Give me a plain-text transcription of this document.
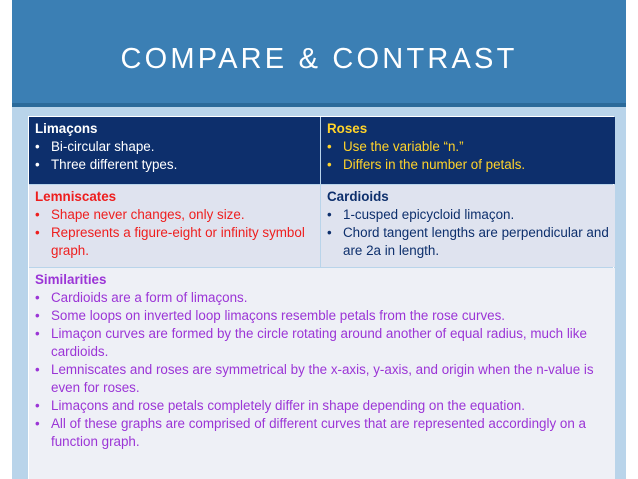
COMPARE & CONTRAST
Limaçons
• Bi-circular shape.
• Three different types.
Roses
• Use the variable “n.”
• Differs in the number of petals.
Lemniscates
• Shape never changes, only size.
• Represents a figure-eight or infinity symbol graph.
Cardioids
• 1-cusped epicycloid limaçon.
• Chord tangent lengths are perpendicular and are 2a in length.
Similarities
• Cardioids are a form of limaçons.
• Some loops on inverted loop limaçons resemble petals from the rose curves.
• Limaçon curves are formed by the circle rotating around another of equal radius, much like cardioids.
• Lemniscates and roses are symmetrical by the x-axis, y-axis, and origin when the n-value is even for roses.
• Limaçons and rose petals completely differ in shape depending on the equation.
• All of these graphs are comprised of different curves that are represented accordingly on a function graph.
